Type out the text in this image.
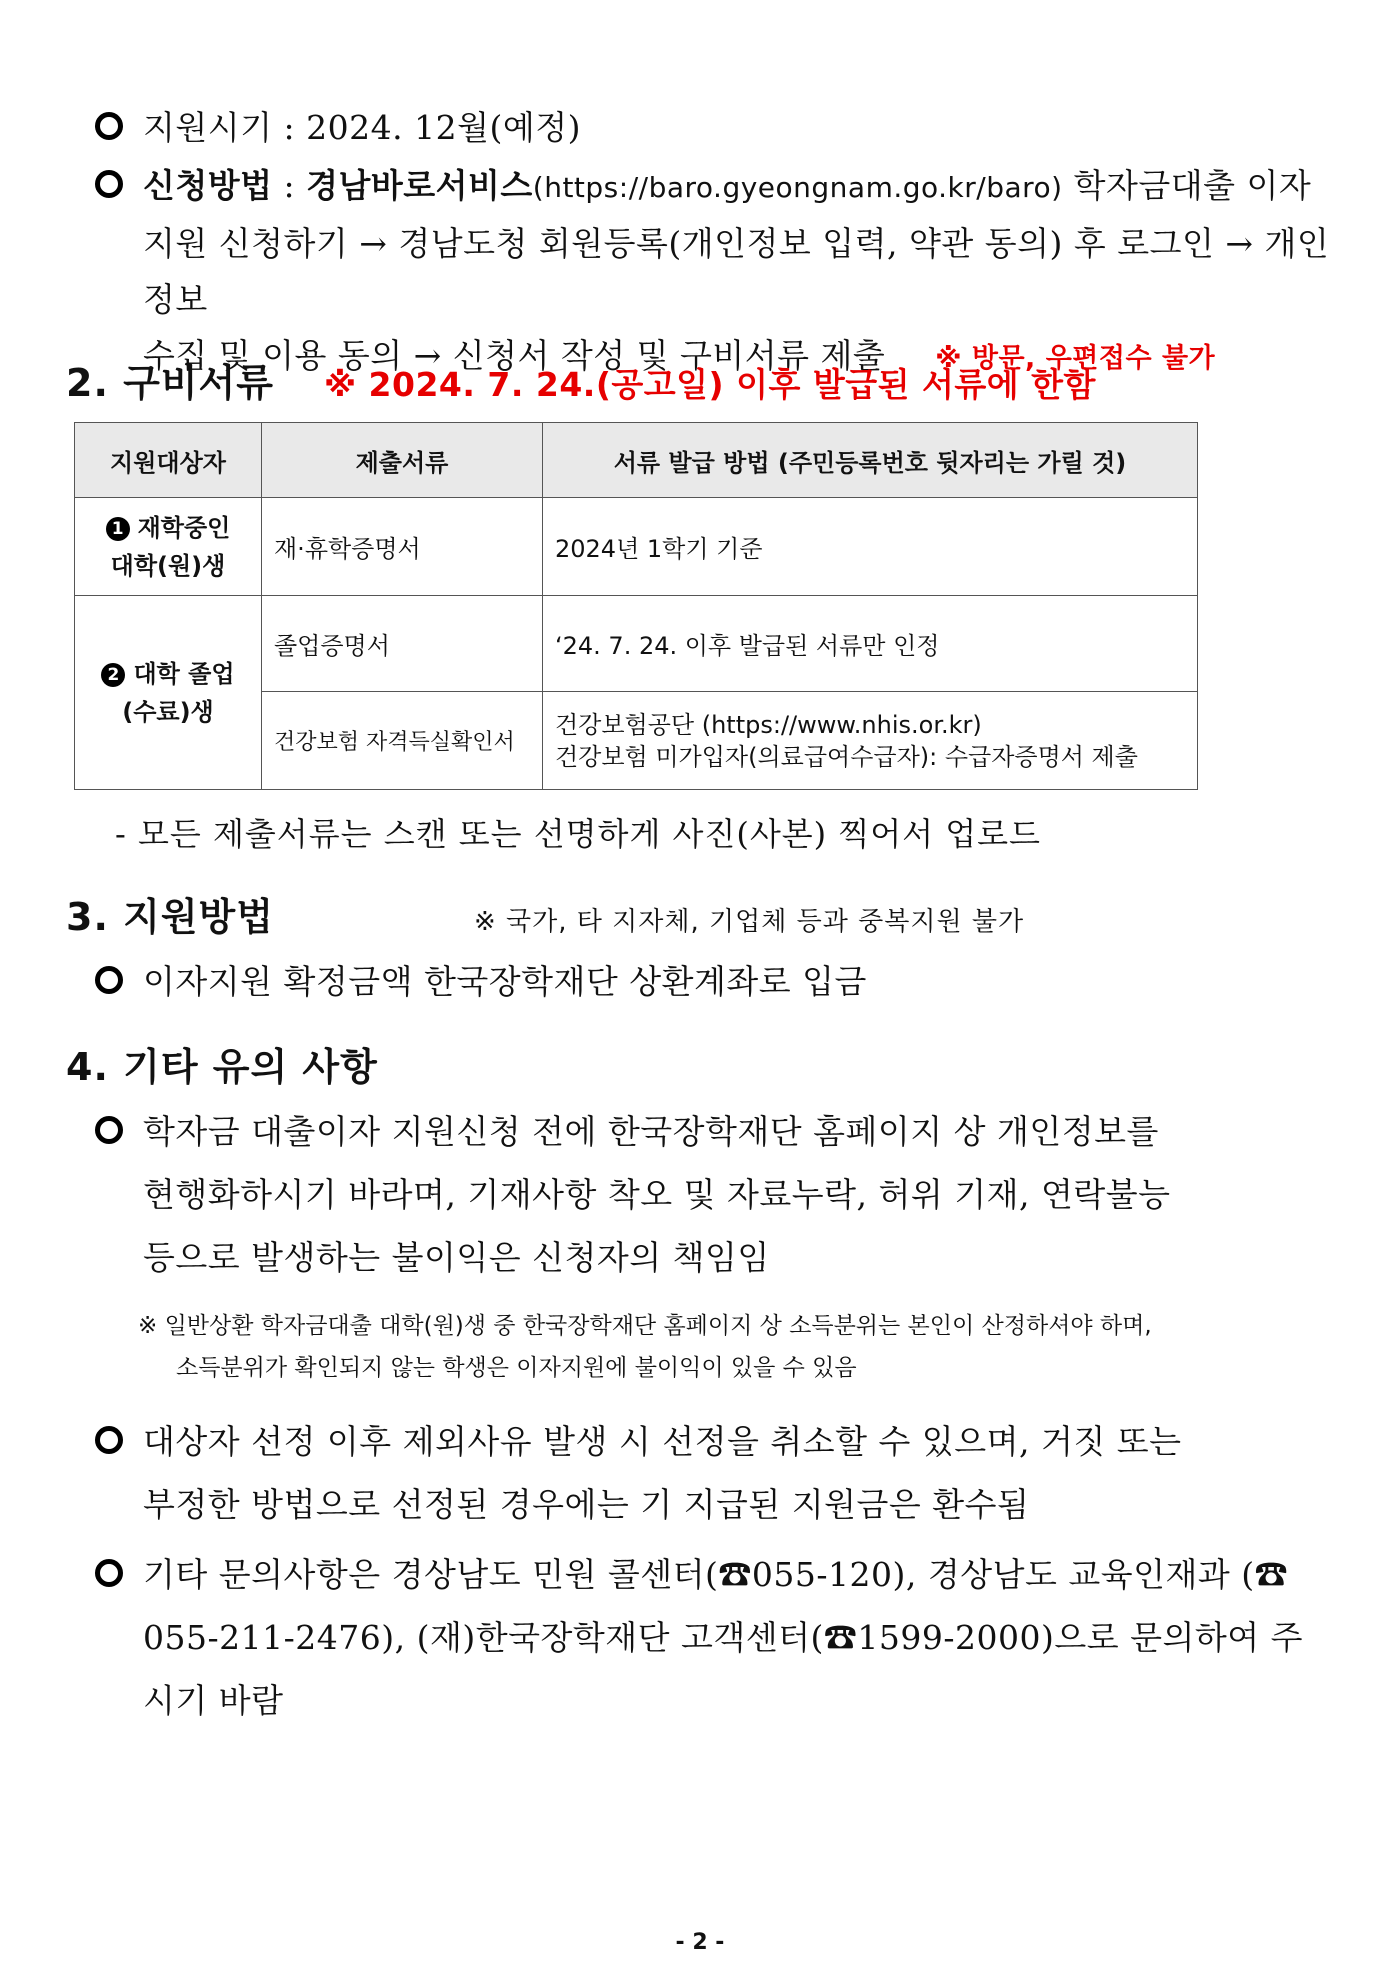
지원시기 : 2024. 12월(예정)
신청방법 : 경남바로서비스(https://baro.gyeongnam.go.kr/baro) 학자금대출 이자
지원 신청하기 → 경남도청 회원등록(개인정보 입력, 약관 동의) 후 로그인 → 개인정보
수집 및 이용 동의 → 신청서 작성 및 구비서류 제출 ※ 방문, 우편접수 불가
2. 구비서류 ※ 2024. 7. 24.(공고일) 이후 발급된 서류에 한함
지원대상자	제출서류	서류 발급 방법 (주민등록번호 뒷자리는 가릴 것)
1 재학중인
대학(원)생	재·휴학증명서	2024년 1학기 기준
2 대학 졸업
(수료)생	졸업증명서	‘24. 7. 24. 이후 발급된 서류만 인정
	건강보험 자격득실확인서	건강보험공단 (https://www.nhis.or.kr)
건강보험 미가입자(의료급여수급자): 수급자증명서 제출
- 모든 제출서류는 스캔 또는 선명하게 사진(사본) 찍어서 업로드
3. 지원방법	※ 국가, 타 지자체, 기업체 등과 중복지원 불가
이자지원 확정금액 한국장학재단 상환계좌로 입금
4. 기타 유의 사항
학자금 대출이자 지원신청 전에 한국장학재단 홈페이지 상 개인정보를
현행화하시기 바라며, 기재사항 착오 및 자료누락, 허위 기재, 연락불능
등으로 발생하는 불이익은 신청자의 책임임
※ 일반상환 학자금대출 대학(원)생 중 한국장학재단 홈페이지 상 소득분위는 본인이 산정하셔야 하며,
소득분위가 확인되지 않는 학생은 이자지원에 불이익이 있을 수 있음
대상자 선정 이후 제외사유 발생 시 선정을 취소할 수 있으며, 거짓 또는
부정한 방법으로 선정된 경우에는 기 지급된 지원금은 환수됨
기타 문의사항은 경상남도 민원 콜센터(☎055-120), 경상남도 교육인재과 (☎
055-211-2476), (재)한국장학재단 고객센터(☎1599-2000)으로 문의하여 주시기 바람
- 2 -
